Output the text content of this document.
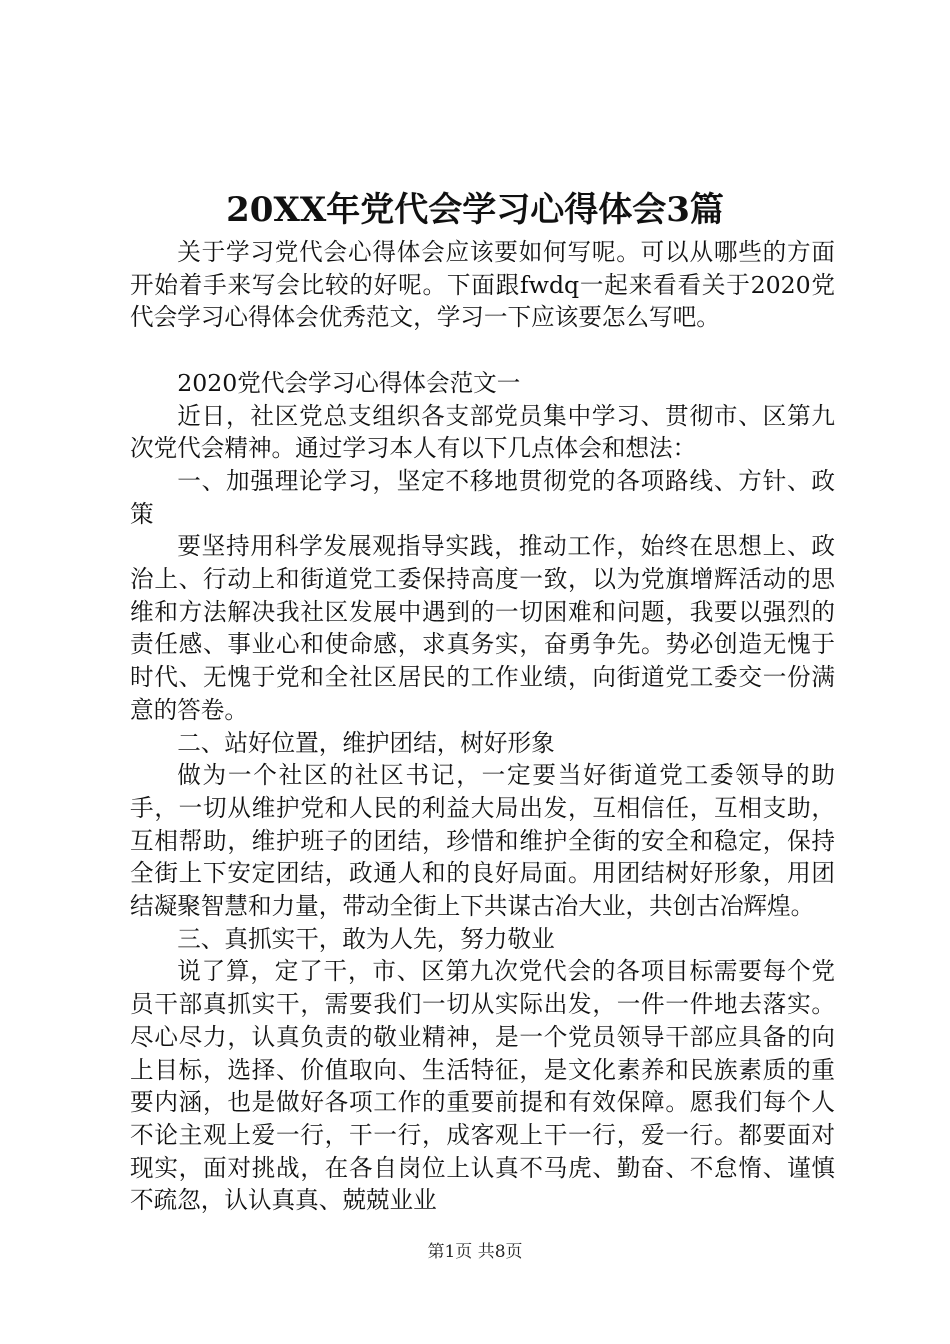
20XX年党代会学习心得体会3篇

关于学习党代会心得体会应该要如何写呢。可以从哪些的方面开始着手来写会比较的好呢。下面跟fwdq一起来看看关于2020党代会学习心得体会优秀范文，学习一下应该要怎么写吧。

2020党代会学习心得体会范文一

近日，社区党总支组织各支部党员集中学习、贯彻市、区第九次党代会精神。通过学习本人有以下几点体会和想法：

一、加强理论学习，坚定不移地贯彻党的各项路线、方针、政策

要坚持用科学发展观指导实践，推动工作，始终在思想上、政治上、行动上和街道党工委保持高度一致，以为党旗增辉活动的思维和方法解决我社区发展中遇到的一切困难和问题，我要以强烈的责任感、事业心和使命感，求真务实，奋勇争先。势必创造无愧于时代、无愧于党和全社区居民的工作业绩，向街道党工委交一份满意的答卷。

二、站好位置，维护团结，树好形象

做为一个社区的社区书记，一定要当好街道党工委领导的助手，一切从维护党和人民的利益大局出发，互相信任，互相支助，互相帮助，维护班子的团结，珍惜和维护全街的安全和稳定，保持全街上下安定团结，政通人和的良好局面。用团结树好形象，用团结凝聚智慧和力量，带动全街上下共谋古冶大业，共创古冶辉煌。

三、真抓实干，敢为人先，努力敬业

说了算，定了干，市、区第九次党代会的各项目标需要每个党员干部真抓实干，需要我们一切从实际出发，一件一件地去落实。尽心尽力，认真负责的敬业精神，是一个党员领导干部应具备的向上目标，选择、价值取向、生活特征，是文化素养和民族素质的重要内涵，也是做好各项工作的重要前提和有效保障。愿我们每个人不论主观上爱一行，干一行，成客观上干一行，爱一行。都要面对现实，面对挑战，在各自岗位上认真不马虎、勤奋、不怠惰、谨慎不疏忽，认认真真、兢兢业业

第1页 共8页
